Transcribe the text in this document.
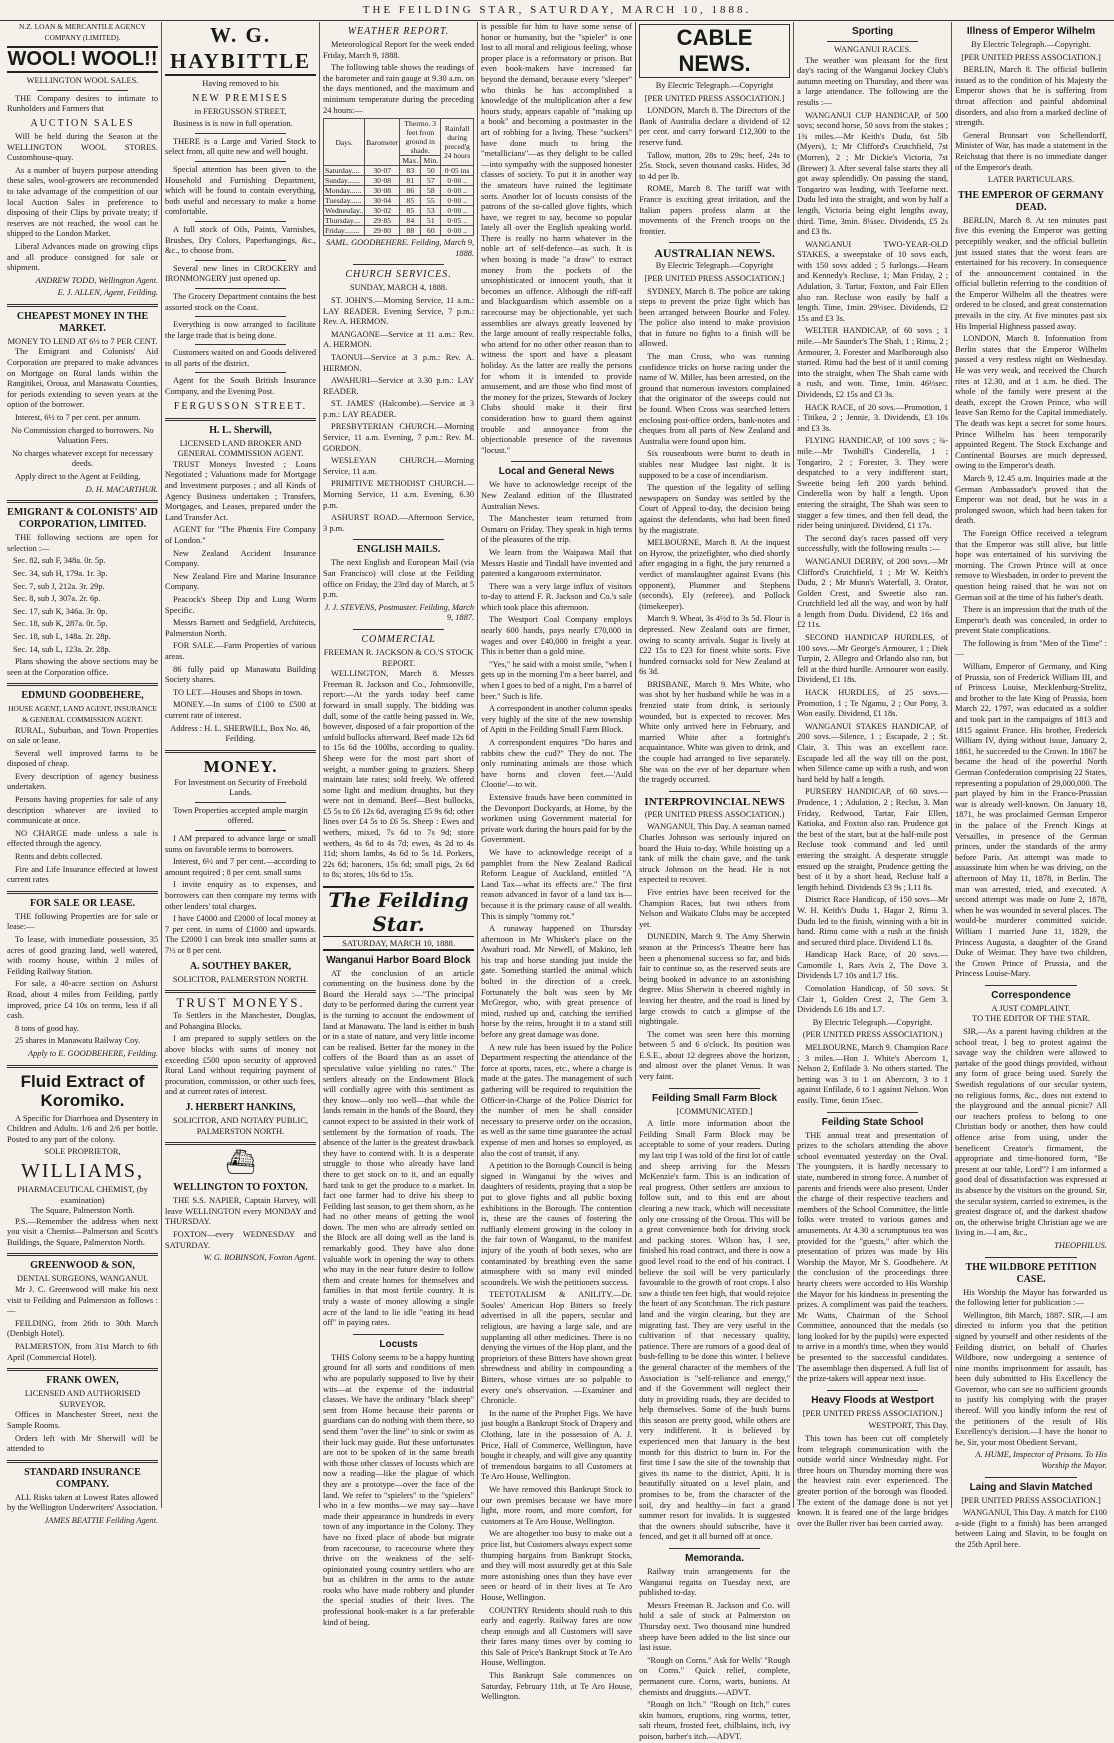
THE FEILDING STAR, SATURDAY, MARCH 10, 1888.
N.Z. LOAN & MERCANTILE AGENCY COMPANY (LIMITED).
WOOL! WOOL!!
WELLINGTON WOOL SALES.

THE Company desires to intimate to Runholders and Farmers that

AUCTION SALES

Will be held during the Season at the WELLINGTON WOOL STORES. Customhouse-quay.

As a number of buyers purpose attending these sales, wool-growers are recommended to take advantage of the competition of our local Auction Sales in preference to disposing of their Clips by private treaty; if reserves are not reached, the wool can be shipped to the London Market.

Liberal Advances made on growing clips and all produce consigned for sale or shipment.

ANDREW TODD, Wellington Agent.

E. J. ALLEN, Agent, Feilding.

CHEAPEST MONEY IN THE MARKET.
MONEY TO LEND AT 6½ to 7 PER CENT.

The Emigrant and Colonists' Aid Corporation are prepared to make advances on Mortgage on Rural lands within the Rangitikei, Oroua, and Manawatu Counties, for periods extending to seven years at the option of the borrower.

Interest, 6½ to 7 per cent. per annum.

No Commission charged to borrowers. No Valuation Fees.

No charges whatever except for necessary deeds.

Apply direct to the Agent at Feilding,

D. H. MACARTHUR.

EMIGRANT & COLONISTS' AID CORPORATION, LIMITED.

THE following sections are open for selection :—

Sec. 82, sub F, 348a. 0r. 5p.

Sec. 34, sub H, 179a. 1r. 3p.

Sec. 7, sub J, 212a. 3r. 29p.

Sec. 8, sub J, 307a. 2r. 6p.

Sec. 17, sub K, 346a. 3r. 0p.

Sec. 18, sub K, 287a. 0r. 5p.

Sec. 18, sub L, 148a. 2r. 28p.

Sec. 14, sub L, 123a. 2r. 28p.

Plans showing the above sections may be seen at the Corporation office.

EDMUND GOODBEHERE,
HOUSE AGENT, LAND AGENT, INSURANCE & GENERAL COMMISSION AGENT.

RURAL, Suburban, and Town Properties on sale or lease.

Several well improved farms to be disposed of cheap.

Every description of agency business undertaken.

Persons having properties for sale of any description whatever are invited to communicate at once.

NO CHARGE made unless a sale is effected through the agency.

Rents and debts collected.

Fire and Life Insurance effected at lowest current rates

FOR SALE OR LEASE.

THE following Properties are for sale or lease:—

To lease, with immediate possession, 35 acres of good grazing land, well watered, with roomy house, within 2 miles of Feilding Railway Station.

For sale, a 40-acre section on Ashurst Road, about 4 miles from Feilding, partly improved, price £4 10s on terms, less if all cash.

8 tons of good hay.

25 shares in Manawatu Railway Coy.

Apply to E. GOODBEHERE, Feilding.

Fluid Extract of Koromiko.

A Specific for Diarrhoea and Dysentery in Children and Adults. 1/6 and 2/6 per bottle. Posted to any part of the colony.

SOLE PROPRIETOR,
WILLIAMS,
PHARMACEUTICAL CHEMIST, (by examination)
The Square, Palmerston North.

P.S.—Remember the address when next you visit a Chemist—Palmerson and Scott's Buildings, the Square, Palmerston North.

GREENWOOD & SON,
DENTAL SURGEONS, WANGANUI.

Mr J. C. Greenwood will make his next visit to Feilding and Palmerston as follows :—

FEILDING, from 26th to 30th March (Denbigh Hotel).

PALMERSTON, from 31st March to 6th April (Commercial Hotel).

FRANK OWEN,
LICENSED AND AUTHORISED SURVEYOR.

Offices in Manchester Street, next the Sample Rooms.

Orders left with Mr Sherwill will be attended to

STANDARD INSURANCE COMPANY.

ALL Risks taken at Lowest Rates allowed by the Wellington Underwriters' Association.

JAMES BEATTIE Feilding Agent.

W. G. HAYBITTLE

Having removed to his

NEW PREMISES

in FERGUSSON STREET,

Business is is now in full operation.

THERE is a Large and Varied Stock to select from, all quite new and well bought.

Special attention has been given to the Household and Furnishing Department, which will be found to contain everything, both useful and necessary to make a home comfortable.

A full stock of Oils, Paints, Varnishes, Brushes, Dry Colors, Paperhangings, &c., &c., to choose from.

Several new lines in CROCKERY and IRONMONGERY just opened up.

The Grocery Department contains the best assorted stock on the Coast.

Everything is now arranged to facilitate the large trade that is being done.

Customers waited on and Goods delivered to all parts of the district.

Agent for the South British Insurance Company, and the Evening Post.

FERGUSSON STREET.
H. L. Sherwill,
LICENSED LAND BROKER AND GENERAL COMMISSION AGENT.

TRUST Moneys Invested ; Loans Negotiated ; Valuations made for Mortgage and Investment purposes ; and all Kinds of Agency Business undertaken ; Transfers, Mortgages, and Leases, prepared under the Land Transfer Act.

AGENT for "The Phœnix Fire Company of London."

New Zealand Accident Insurance Company.

New Zealand Fire and Marine Insurance Company.

Peacock's Sheep Dip and Lung Worm Specific.

Messrs Barnett and Sedgfield, Architects, Palmerston North.

FOR SALE.—Farm Properties of various areas.

86 fully paid up Manawatu Building Society shares.

TO LET.—Houses and Shops in town.

MONEY.—In sums of £100 to £500 at current rate of interest.

Address : H. L. SHERWILL, Box No. 46, Feilding.

MONEY.

For Investment on Security of Freehold Lands.

Town Properties accepted ample margin offered.

I AM prepared to advance large or small sums on favorable terms to borrowers.

Interest, 6½ and 7 per cent.—according to amount required ; 8 per cent. small sums

I invite enquiry as to expenses, and borrowers can then compare my terms with other lenders' total charges.

I have £4000 and £2000 of local money at 7 per cent. in sums of £1000 and upwards. The £2000 I can break into smaller sums at 7½ or 8 per cent.

A. SOUTHEY BAKER,
SOLICITOR, PALMERSTON NORTH.
TRUST MONEYS.

To Settlers in the Manchester, Douglas, and Pohangina Blocks.

I am prepared to supply settlers on the above blocks with sums of money not exceeding £500 upon security of approved Rural Land without requiring payment of procuration, commission, or other such fees, and at current rates of interest.

J. HERBERT HANKINS,
SOLICITOR, AND NOTARY PUBLIC, PALMERSTON NORTH.
⛴
WELLINGTON TO FOXTON.

THE S.S. NAPIER, Captain Harvey, will leave WELLINGTON every MONDAY and THURSDAY.

FOXTON—every WEDNESDAY and SATURDAY.

W. G. ROBINSON, Foxton Agent.

WEATHER REPORT.

Meteorological Report for the week ended Friday, March 9, 1888.

The following table shows the readings of the barometer and rain gauge at 9.30 a.m. on the days mentioned, and the maximum and minimum temperature during the preceding 24 hours:—

Days.	Barometer	Thermo. 3 feet from ground in shade.		Rainfall during preced'g 24 hours
		Max.	Min.	
Saturday....	30·07	83	50	0·05 ins
Sunday.......	30·08	81	57	0·00 ..
Monday......	30·08	86	58	0·00 ..
Tuesday......	30·04	85	55	0·00 ..
Wednesday..	30·02	85	53	0·00 ..
Thursday....	29·85	84	51	0·05 ..
Friday........	29·80	88	60	0·00 ..

SAML. GOODBEHERE. Feilding, March 9, 1888.

CHURCH SERVICES.

SUNDAY, MARCH 4, 1888.

ST. JOHN'S.—Morning Service, 11 a.m.: LAY READER. Evening Service, 7 p.m.: Rev. A. HERMON.

MANGAONE—Service at 11 a.m.: Rev. A. HERMON.

TAONUI—Service at 3 p.m.: Rev. A. HERMON.

AWAHURI—Service at 3.30 p.m.: LAY READER.

ST. JAMES' (Halcombe).—Service at 3 p.m.: LAY READER.

PRESBYTERIAN CHURCH.—Morning Service, 11 a.m. Evening, 7 p.m.: Rev. M. GORDON.

WESLEYAN CHURCH.—Morning Service, 11 a.m.

PRIMITIVE METHODIST CHURCH.—Morning Service, 11 a.m. Evening, 6.30 p.m.

ASHURST ROAD.—Afternoon Service, 3 p.m.

ENGLISH MAILS.

The next English and European Mail (via San Francisco) will close at the Feilding office on Friday, the 23rd day of March, at 5 p.m.

J. J. STEVENS, Postmaster. Feilding, March 9, 1887.

COMMERCIAL
FREEMAN R. JACKSON & CO.'S STOCK REPORT.

WELLINGTON, March 8. Messrs Freeman R. Jackson and Co., Johnsonville, report:—At the yards today beef came forward in small supply. The bidding was dull, some of the cattle being passed in. We, however, disposed of a fair proportion of the unfold bullocks afterward. Beef made 12s 6d to 15s 6d the 100lbs, according to quality. Sheep were for the most part short of weight, a number going to graziers. Sheep maintain late rates; sold freely. We offered some light and medium draughts, but they were not in demand. Beef—Best bullocks, £5 5s to £6 12s 6d, averaging £5 9s 6d; other lines over £4 5s to £6 5s. Sheep : Ewes and wethers, mixed, 7s 6d to 7s 9d; store wethers, 4s 6d to 4s 7d; ewes, 4s 2d to 4s 11d; shorn lambs, 4s 6d to 5s 1d. Porkers, 22s 6d; baconers, 15s 6d; small pigs, 2s 6d to 8s; stores, 10s 6d to 15s.

The Feilding Star.
SATURDAY, MARCH 10, 1888.
Wanganui Harbor Board Block

AT the conclusion of an article commenting on the business done by the Board the Herald says :—"The principal duty to be performed during the current year is the turning to account the endowment of land at Manawatu. The land is either in bush or in a state of nature, and very little income can be realised. Better far the money in the coffers of the Board than as an asset of speculative value yielding no rates." The settlers already on the Endowment Block will cordially agree with this sentiment as they know—only too well—that while the lands remain in the hands of the Board, they cannot expect to be assisted in their work of settlement by the formation of roads. The absence of the latter is the greatest drawback they have to contend with. It is a desperate struggle to those who already have land there to get stock on to it, and an equally hard task to get the produce to a market. In fact one farmer had to drive his sheep to Feilding last season, to get them shorn, as he had no other means of getting the wool down. The men who are already settled on the Block are all doing well as the land is remarkably good. They have also done valuable work in opening the way to others who may in the near future desire to follow them and create homes for themselves and families in that most fertile country. It is truly a waste of money allowing a single acre of the land to lie idle "eating its head off" in paying rates.

Locusts

THIS Colony seems to be a happy hunting ground for all sorts and conditions of men who are popularly supposed to live by their wits—at the expense of the industrial classes. We have the ordinary "black sheep" sent from Home because their parents or guardians can do nothing with them there, so send them "over the line" to sink or swim as their luck may guide. But these unfortunates are not to be spoken of in the same breath with those other classes of locusts which are now a reading—like the plague of which they are a prototype—over the face of the land. We refer to "spielers" to the "spielers" who in a few months—we may say—have made their appearance in hundreds in every town of any importance in the Colony. They have no fixed place of abode but migrate from racecourse, to racecourse where they thrive on the weakness of the self-opinionated young country settlers who are but as children in the arms to the astute rooks who have made robbery and plunder the special studies of their lives. The professional book-maker is a far preferable kind of being.

is possible for him to have some sense of honor or humanity, but the "spieler" is one lost to all moral and religious feeling, whose proper place is a reformatory or prison. But even book-makers have increased far beyond the demand, because every "sleeper" who thinks he has accomplished a knowledge of the multiplication after a few hours study, appears capable of "making up a book" and becoming a postmaster in the art of robbing for a living. These "suckers" have done much to bring the "metallicians"—as they delight to be called —into sympathy with the supposed honester classes of society. To put it in another way the amateurs have ruined the legitimate sorts. Another lot of locusts consists of the patrons of the so-called glove fights, which have, we regret to say, become so popular lately all over the English speaking world. There is really no harm whatever in the noble art of self-defence—as such. It is when boxing is made "a draw" to extract money from the pockets of the unsophisticated or innocent youth, that it becomes an offence. Although the riff-raff and blackguardism which assemble on a racecourse may be objectionable, yet such assemblies are always greatly leavened by the large amount of really respectable folks, who attend for no other other reason than to witness the sport and have a pleasant holiday. As the latter are really the persons for whom it is intended to provide amusement, and are those who find most of the money for the prizes, Stewards of Jockey Clubs should make it their first consideration how to guard them against trouble and annoyance from the objectionable presence of the ravenous "locust."

Local and General News

We have to acknowledge receipt of the New Zealand edition of the Illustrated Australian News.

The Manchester team returned from Osmaru on Friday. They speak in high terms of the pleasures of the trip.

We learn from the Waipawa Mail that Messrs Hastie and Tindall have invented and patented a kangaroom exterminator.

There was a very large influx of visitors to-day to attend F. R. Jackson and Co.'s sale which took place this afternoon.

The Westport Coal Company employs nearly 600 hands, pays nearly £70,000 in wages and over £40,000 in freight a year. This is better than a gold mine.

"Yes," he said with a moist smile, "when I gets up in the morning I'm a beer barrel, and when I goes to bed of a night, I'm a barrel of beer." Such is life.

A correspondent in another column speaks very highly of the site of the new township of Apiti in the Feilding Small Farm Block.

A correspondent enquires "Do hares and rabbits chew the cud?" They do not. The only ruminating animals are those which have horns and cloven feet.—'Auld Clootie'—to wit.

Extensive frauds have been committed in the Devonport Dockyards, at Home, by the workmen using Government material for private work during the hours paid for by the Government.

We have to acknowledge receipt of a pamphlet from the New Zealand Radical Reform League of Auckland, entitled "A Land Tax—what its effects are." The first reason advanced in favor of a land tax is—because it is the primary cause of all wealth. This is simply "tommy rot."

A runaway happened on Thursday afternoon in Mr Whisker's place on the Awahuri road. Mr Newell, of Makino, left his trap and horse standing just inside the gate. Something startled the animal which bolted in the direction of a creek. Fortunately the bolt was seen by Mr McGregor, who, with great presence of mind, rushed up and, catching the terrified horse by the reins, brought it to a stand still before any great damage was done.

A new rule has been issued by the Police Department respecting the attendance of the force at sports, races, etc., where a charge is made at the gates. The management of such gathering will be required to requisition the Officer-in-Charge of the Police District for the number of men he shall consider necessary to preserve order on the occasion, as well as the same time guarantee the actual expense of men and horses so employed, as also the cost of transit, if any.

A petition to the Borough Council is being signed in Wanganui by the wives and daughters of residents, praying that a stop be put to glove fights and all public boxing exhibitions in the Borough. The contention is, these are the causes of fostering the ruffianly element growing in the colony in the fair town of Wanganui, to the manifest injury of the youth of both sexes, who are contaminated by breathing even the same atmosphere with so many evil minded scoundrels. We wish the petitioners success.

TEETOTALISM & ANILITY.—Dr. Soules' American Hop Bitters so freely advertised in all the papers, secular and religious, are having a large sale, and are supplanting all other medicines. There is no denying the virtues of the Hop plant, and the proprietors of these Bitters have shown great shrewdness and ability in compounding a Bitters, whose virtues are so palpable to every one's observation. —Examiner and Chronicle.

In the name of the Prophet Figs. We have just bought a Bankrupt Stock of Drapery and Clothing, late in the possession of A. J. Price, Hall of Commerce, Wellington, have bought it cheaply, and will give any quantity of tremendous bargains to all Customers at Te Aro House, Wellington.

We have removed this Bankrupt Stock to our own premises because we have more light, more room, and more comfort, for customers at Te Aro House, Wellington.

We are altogether too busy to make out a price list, but Customers always expect some thumping bargains from Bankrupt Stocks, and they will most assuredly get at this Sale more astonishing ones than they have ever seen or heard of in their lives at Te Aro House, Wellington.

COUNTRY Residents should rush to this early and eagerly. Railway fares are now cheap enough and all Customers will save their fares many times over by coming to this Sale of Price's Bankrupt Stock at Te Aro House, Wellington.

This Bankrupt Sale commences on Saturday, February 11th, at Te Aro House, Wellington.

CABLE NEWS.

By Electric Telegraph.—Copyright

[PER UNITED PRESS ASSOCIATION.]

LONDON, March 8. The Directors of the Bank of Australia declare a dividend of 12 per cent. and carry forward £12,300 to the reserve fund.

Tallow, mutton, 28s to 29s; beef, 24s to 25s. Stock, seven thousand casks. Hides, 3d to 4d per lb.

ROME, March 8. The tariff war with France is exciting great irritation, and the Italian papers profess alarm at the movements of the French troops on the frontier.

AUSTRALIAN NEWS.

By Electric Telegraph.—Copyright

[PER UNITED PRESS ASSOCIATION.]

SYDNEY, March 8. The police are taking steps to prevent the prize fight which has been arranged between Bourke and Foley. The police also intend to make provision that in future no fights to a finish will be allowed.

The man Cross, who was running confidence tricks on horse racing under the name of W. Miller, has been arrested, on the ground that numerous investors complained that the originator of the sweeps could not be found. When Cross was searched letters enclosing post-office orders, bank-notes and cheques from all parts of New Zealand and Australia were found upon him.

Six rouseabouts were burnt to death in stables near Mudgee last night. It is supposed to be a case of incendiarism.

The question of the legality of selling newspapers on Sunday was settled by the Court of Appeal to-day, the decision being against the defendants, who had been fined by the magistrate.

MELBOURNE, March 8. At the inquest on Hyrow, the prizefighter, who died shortly after engaging in a fight, the jury returned a verdict of manslaughter against Evans (his opponent), Plummer and Stephens (seconds), Ely (referee), and Pollock (timekeeper).

March 9. Wheat, 3s 4½d to 3s 5d. Flour is depressed. New Zealand oats are firmer, owing to scanty arrivals. Sugar is lively at £22 15s to £23 for finest white sorts. Five hundred cornsacks sold for New Zealand at 6s 3d.

BRISBANE, March 9. Mrs White, who was shot by her husband while he was in a frenzied state from drink, is seriously wounded, but is expected to recover. Mrs White only arrived here in February, and married White after a fortnight's acquaintance. White was given to drink, and the couple had arranged to live separately. She was on the eve of her departure when the tragedy occurred.

INTERPROVINCIAL NEWS

(PER UNITED PRESS ASSOCIATION.)

WANGANUI, This Day. A seaman named Charles Johnson was seriously injured on board the Huia to-day. While hoisting up a tank of milk the chain gave, and the tank struck Johnson on the head. He is not expected to recover.

Five entries have been received for the Champion Races, but two others from Nelson and Waikato Clubs may be accepted yet.

DUNEDIN, March 9. The Amy Sherwin season at the Princess's Theatre here has been a phenomenal success so far, and bids fair to continue so, as the reserved seats are being booked in advance to an astonishing degree. Miss Sherwin is cheered nightly in leaving her theatre, and the road is lined by large crowds to catch a glimpse of the nightingale.

The comet was seen here this morning between 5 and 6 o'clock. Its position was E.S.E., about 12 degrees above the horizon, and almost over the planet Venus. It was very faint.

Feilding Small Farm Block

[COMMUNICATED.]

A little more information about the Feilding Small Farm Block may be acceptable to some of your readers. During my last trip I was told of the first lot of cattle and sheep arriving for the Messrs McKenzie's farm. This is an indication of real progress. Other settlers are anxious to follow suit, and to this end are about clearing a new track, which will necessitate only one crossing of the Oroua. This will be a great convenience both for driving stock and packing stores. Wilson has, I see, finished his road contract, and there is now a good level road to the end of his contract. I believe the soil will be very particularly favourable to the growth of root crops. I also saw a thistle ten feet high, that would rejoice the heart of any Scotchman. The rich pasture land and the virgin clearing, but they are migrating fast. They are very useful in the cultivation of that necessary quality, patience. There are rumors of a good deal of bush-felling to be done this winter. I believe the general character of the members of the Association is "self-reliance and energy," and if the Government will neglect their duty in providing roads, they are decided to help themselves. Some of the bush burns this season are pretty good, while others are very indifferent. It is believed by experienced men that January is the best month for this district to burn in. For the first time I saw the site of the township that gives its name to the district, Apiti. It is beautifully situated on a level plain, and promises to be, from the character of the soil, dry and healthy—in fact a grand summer resort for invalids. It is suggested that the owners should subscribe, have it fenced, and get it all burned off at once.

Memoranda.

Railway train arrangements for the Wanganui regatta on Tuesday next, are published to-day.

Messrs Freeman R. Jackson and Co. will hold a sale of stock at Palmerston on Thursday next. Two thousand nine hundred sheep have been added to the list since our last issue.

"Rough on Corns." Ask for Wells' "Rough on Corns." Quick relief, complete, permanent cure. Corns, warts, bunions. At chemists and druggists.—ADVT.

"Rough on Itch." "Rough on Itch," cures skin humors, eruptions, ring worms, tetter, salt rheum, frosted feet, chilblains, itch, ivy poison, barber's itch.—ADVT.

Sporting
WANGANUI RACES.

The weather was pleasant for the first day's racing of the Wanganui Jockey Club's autumn meeting on Thursday, and there was a large attendance. The following are the results :—

WANGANUI CUP HANDICAP, of 500 sovs; second horse, 50 sovs from the stakes ; 1¾ miles.—Mr Keith's Dudu, 6st 5lb (Myers), 1; Mr Clifford's Crutchfield, 7st (Morren), 2 ; Mr Dickie's Victoria, 7st (Brewer) 3. After several false starts they all got away splendidly. On passing the stand, Tongariro was leading, with Teeforne next. Dudu led into the straight, and won by half a length, Victoria being eight lengths away, third. Time, 3min. 8¼sec. Dividends, £5 2s and £3 8s.

WANGANUI TWO-YEAR-OLD STAKES, a sweepstake of 10 sovs each, with 150 sovs added ; 5 furlongs.—Hearn and Kennedy's Recluse, 1; Man Friday, 2 ; Adulation, 3. Tartar, Foxton, and Fair Ellen also ran. Recluse won easily by half a length. Time, 1min. 29⅓sec. Dividends, £2 15s and £3 3s.

WELTER HANDICAP, of 60 sovs ; 1 mile.—Mr Saunder's The Shah, 1 ; Rimu, 2 ; Armourer, 3. Forester and Marlborough also started. Rimu had the best of it until coming into the straight, when The Shah came with a rush, and won. Time, 1min. 46⅓sec. Dividends, £2 15s and £3 3s.

HACK RACE, of 20 sovs.—Promotion, 1 ; Titikea, 2 ; Jennie, 3. Dividends, £3 10s and £3 3s.

FLYING HANDICAP, of 100 sovs ; ¾-mile.—Mr Twohill's Cinderella, 1 ; Tongariro, 2 ; Forester, 3. They were despatched to a very indifferent start, Sweetie being left 200 yards behind. Cinderella won by half a length. Upon entering the straight, The Shah was seen to stagger a few times, and then fell dead, the rider being uninjured. Dividend, £1 17s.

The second day's races passed off very successfully, with the following results :—

WANGANUI DERBY, of 200 sovs.—Mr Clifford's Crutchfield, 1 ; Mr W. Keith's Dudu, 2 ; Mr Munn's Waterfall, 3. Orator, Golden Crest, and Sweetie also ran. Crutchfield led all the way, and won by half a length from Dudu. Dividend, £2 16s and £2 11s.

SECOND HANDICAP HURDLES, of 100 sovs.—Mr George's Armourer, 1 ; Diek Turpin, 2. Allegro and Orlando also ran, but fell at the third hurdle. Armourer won easily. Dividend, £1 18s.

HACK HURDLES, of 25 sovs.—Promotion, 1 ; Te Ngamu, 2 ; Our Pony, 3. Won easily. Dividend, £1 18s.

WANGANUI STAKES HANDICAP, of 200 sovs.—Silence, 1 ; Escapade, 2 ; St. Clair, 3. This was an excellent race. Escapade led all the way till on the post, when Silence came up with a rush, and won hard held by half a length.

PURSERY HANDICAP, of 60 sovs.—Prudence, 1 ; Adulation, 2 ; Reclus, 3. Man Friday, Redwood, Tartar, Fair Ellen, Katioka, and Foxton also ran. Prudence got the best of the start, but at the half-mile post Recluse took command and led until entering the straight. A desperate struggle ensued up the straight, Prudence getting the best of it by a short head, Recluse half a length behind. Dividends £3 9s ; L11 8s.

District Race Handicap, of 150 sovs—Mr W. H. Keith's Dudu 1, Hagar 2, Rimu 3. Dudu led to the finish, winning with a bit in hand. Rimu came with a rush at the finish and secured third place. Dividend L1 8s.

Handicap Hack Race, of 20 sovs.—Camomile 1, Rars Avis 2, The Dove 3. Dividends L7 10s and L7 16s.

Consolation Handicap, of 50 sovs. St Clair 1, Golden Crest 2, The Gem 3. Dividends L6 18s and L7.

By Electric Telegraph.—Copyright.

(PER UNITED PRESS ASSOCIATION.)

MELBOURNE, March 9. Champion Race ; 3 miles.—Hon J. White's Abercorn 1, Nelson 2, Enfilade 3. No others started. The betting was 3 to 1 on Abercorn, 3 to 1 against Enfilade, 6 to 1 against Nelson. Won easily. Time, 6min 15sec.

Feilding State School

THE annual treat and presentation of prizes to the scholars attending the above school eventuated yesterday on the Oval. The youngsters, it is hardly necessary to state, numbered in strong force. A number of parents and friends were also present. Under the charge of their respective teachers and members of the School Committee, the little folks were treated to various games and amusements. At 4.30 a scrumptuous tea was provided for the "guests," after which the presentation of prizes was made by His Worship the Mayor, Mr S. Goodbehere. At the conclusion of the proceedings three hearty cheers were accorded to His Worship the Mayor for his kindness in presenting the prizes. A compliment was paid the teachers. Mr Watts, Chairman of the School Committee, announced that the medals (so long looked for by the pupils) were expected to arrive in a month's time, when they would be presented to the successful candidates. The assemblage then dispersed. A full list of the prize-takers will appear next issue.

Heavy Floods at Westport

[PER UNITED PRESS ASSOCIATION.]

WESTPORT, This Day.

This town has been cut off completely from telegraph communication with the outside world since Wednesday night. For three hours on Thursday morning there was the heaviest rain ever experienced. The greater portion of the borough was flooded. The extent of the damage done is not yet known. It is feared one of the large bridges over the Buller river has been carried away.

Illness of Emperor Wilhelm

By Electric Telegraph.—Copyright.

[PER UNITED PRESS ASSOCIATION.]

BERLIN, March 8. The official bulletin issued as to the condition of his Majesty the Emperor shows that he is suffering from throat affection and painful abdominal disorders, and also from a marked decline of strength.

General Bronsart von Schellendorff, Minister of War, has made a statement in the Reichstag that there is no immediate danger of the Emperor's death.

LATER PARTICULARS.
THE EMPEROR OF GERMANY DEAD.

BERLIN, March 8. At ten minutes past five this evening the Emperor was getting perceptibly weaker, and the official bulletin just issued states that the worst fears are entertained for his recovery. In consequence of the announcement contained in the official bulletin referring to the condition of the Emperor Wilhelm all the theatres were ordered to be closed, and great consternation prevails in the city. At five minutes past six His Imperial Highness passed away.

LONDON, March 8. Information from Berlin states that the Emperor Wilhelm passed a very restless night on Wednesday. He was very weak, and received the Church rites at 12.30, and at 1 a.m. he died. The whole of the family were present at the death, except the Crown Prince, who will leave San Remo for the Capital immediately. The death was kept a secret for some hours. Prince Wilhelm has been temporarily appointed Regent. The Stock Exchange and Continental Bourses are much depressed, owing to the Emperor's death.

March 9, 12.45 a.m. Inquiries made at the German Ambassador's proved that the Emperor was not dead, but he was in a prolonged swoon, which had been taken for death.

The Foreign Office received a telegram that the Emperor was still alive, but little hope was entertained of his surviving the morning. The Crown Prince will at once remove to Wiesbaden, in order to prevent the question being raised that he was not on German soil at the time of his father's death.

There is an impression that the truth of the Emperor's death was concealed, in order to prevent State complications.

The following is from "Men of the Time" :—

William, Emperor of Germany, and King of Prussia, son of Frederick William III, and of Princess Louise, Mecklenburg-Strelitz, and brother to the late King of Prussia, born March 22, 1797, was educated as a soldier and took part in the campaigns of 1813 and 1815 against France. His brother, Frederick William IV, dying without issue, January 2, 1861, he succeeded to the Crown. In 1867 he became the head of the powerful North German Confederation comprising 22 States, representing a population of 29,000,000. The part played by him in the Franco-Prussian war is already well-known. On January 18, 1871, he was proclaimed German Emperor in the palace of the French Kings at Versailles, in presence of the German princes, under the standards of the army before Paris. An attempt was made to assassinate him when he was driving, on the afternoon of May 11, 1878, in Berlin. The man was arrested, tried, and executed. A second attempt was made on June 2, 1878, when he was wounded in several places. The would-be murderer committed suicide. William I married June 11, 1829, the Princess Augusta, a daughter of the Grand Duke of Weimar. They have two children, the Crown Prince of Prussia, and the Princess Louise-Mary.

Correspondence
A JUST COMPLAINT.

TO THE EDITOR OF THE STAR.

SIR,—As a parent having children at the school treat, I beg to protest against the savage way the children were allowed to partake of the good things provided, without any form of grace being used. Surely the Swedish regulations of our secular system, no religious forms, &c., does not extend to the playground and the annual picnic? All our teachers profess to belong to one Christian body or another, then how could offence arise from using, under the beneficent Creator's firmament, the appropriate and time-honored form, "Be present at our table, Lord"? I am informed a good deal of dissatisfaction was expressed at its absence by the visitors on the ground. Sir, the secular system, carried to extremes, is the greatest disgrace of, and the darkest shadow on, the otherwise bright Christian age we are living in.—I am, &c.,

THEOPHILUS.

THE WILDBORE PETITION CASE.

His Worship the Mayor has forwarded us the following letter for publication :—

Wellington, 8th March, 1887. SIR,—I am directed to inform you that the petition signed by yourself and other residents of the Feilding district, on behalf of Charles Wildbore, now undergoing a sentence of nine months imprisonment for assault, has been duly submitted to His Excellency the Governor, who can see no sufficient grounds to justify his complying with the prayer thereof. Will you kindly inform the rest of the petitioners of the result of His Excellency's decision.—I have the honor to be, Sir, your most Obedient Servant,

A. HUME, Inspector of Prisons. To His Worship the Mayor.

Laing and Slavin Matched

[PER UNITED PRESS ASSOCIATION.]

WANGANUI, This Day. A match for £100 a-side (fight to a finish) has been arranged between Laing and Slavin, to be fought on the 25th April here.
